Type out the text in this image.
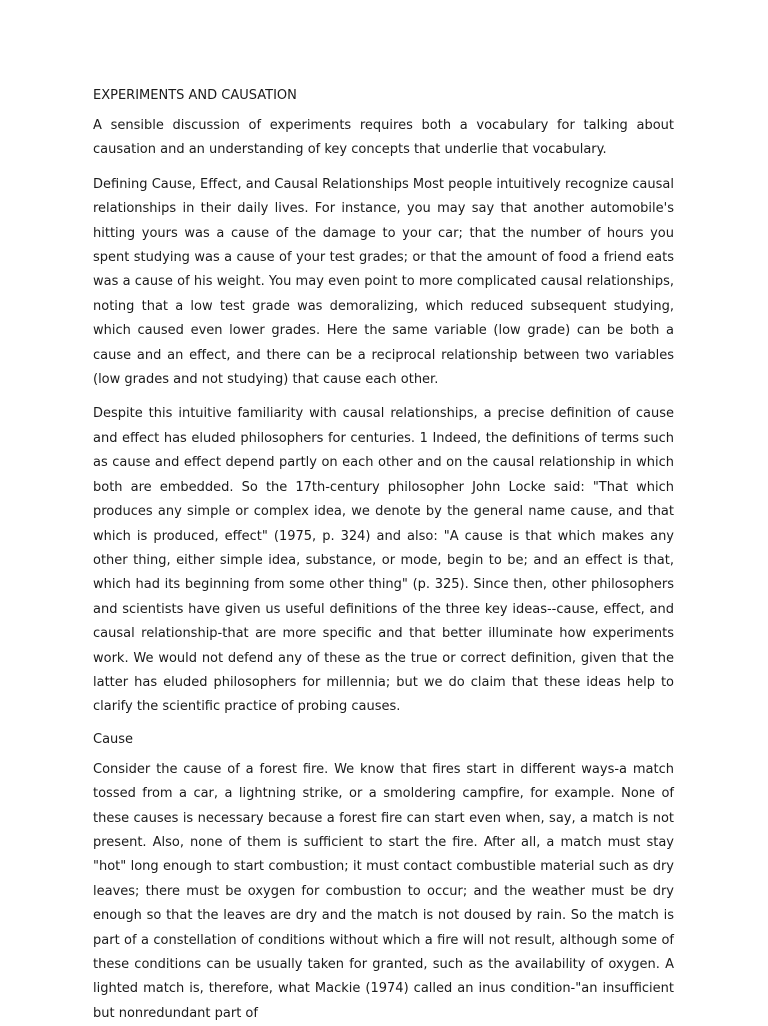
EXPERIMENTS AND CAUSATION

A sensible discussion of experiments requires both a vocabulary for talking about causation and an understanding of key concepts that underlie that vocabulary.

Defining Cause, Effect, and Causal Relationships Most people intuitively recognize causal relationships in their daily lives. For instance, you may say that another automobile's hitting yours was a cause of the damage to your car; that the number of hours you spent studying was a cause of your test grades; or that the amount of food a friend eats was a cause of his weight. You may even point to more complicated causal relationships, noting that a low test grade was demoralizing, which reduced subsequent studying, which caused even lower grades. Here the same variable (low grade) can be both a cause and an effect, and there can be a reciprocal relationship between two variables (low grades and not studying) that cause each other.

Despite this intuitive familiarity with causal relationships, a precise definition of cause and effect has eluded philosophers for centuries. 1 Indeed, the definitions of terms such as cause and effect depend partly on each other and on the causal relationship in which both are embedded. So the 17th-century philosopher John Locke said: "That which produces any simple or complex idea, we denote by the general name cause, and that which is produced, effect" (1975, p. 324) and also: "A cause is that which makes any other thing, either simple idea, substance, or mode, begin to be; and an effect is that, which had its beginning from some other thing" (p. 325). Since then, other philosophers and scientists have given us useful definitions of the three key ideas--cause, effect, and causal relationship-that are more specific and that better illuminate how experiments work. We would not defend any of these as the true or correct definition, given that the latter has eluded philosophers for millennia; but we do claim that these ideas help to clarify the scientific practice of probing causes.

Cause

Consider the cause of a forest fire. We know that fires start in different ways-a match tossed from a car, a lightning strike, or a smoldering campfire, for example. None of these causes is necessary because a forest fire can start even when, say, a match is not present. Also, none of them is sufficient to start the fire. After all, a match must stay "hot" long enough to start combustion; it must contact combustible material such as dry leaves; there must be oxygen for combustion to occur; and the weather must be dry enough so that the leaves are dry and the match is not doused by rain. So the match is part of a constellation of conditions without which a fire will not result, although some of these conditions can be usually taken for granted, such as the availability of oxygen. A lighted match is, therefore, what Mackie (1974) called an inus condition-"an insufficient but nonredundant part of
